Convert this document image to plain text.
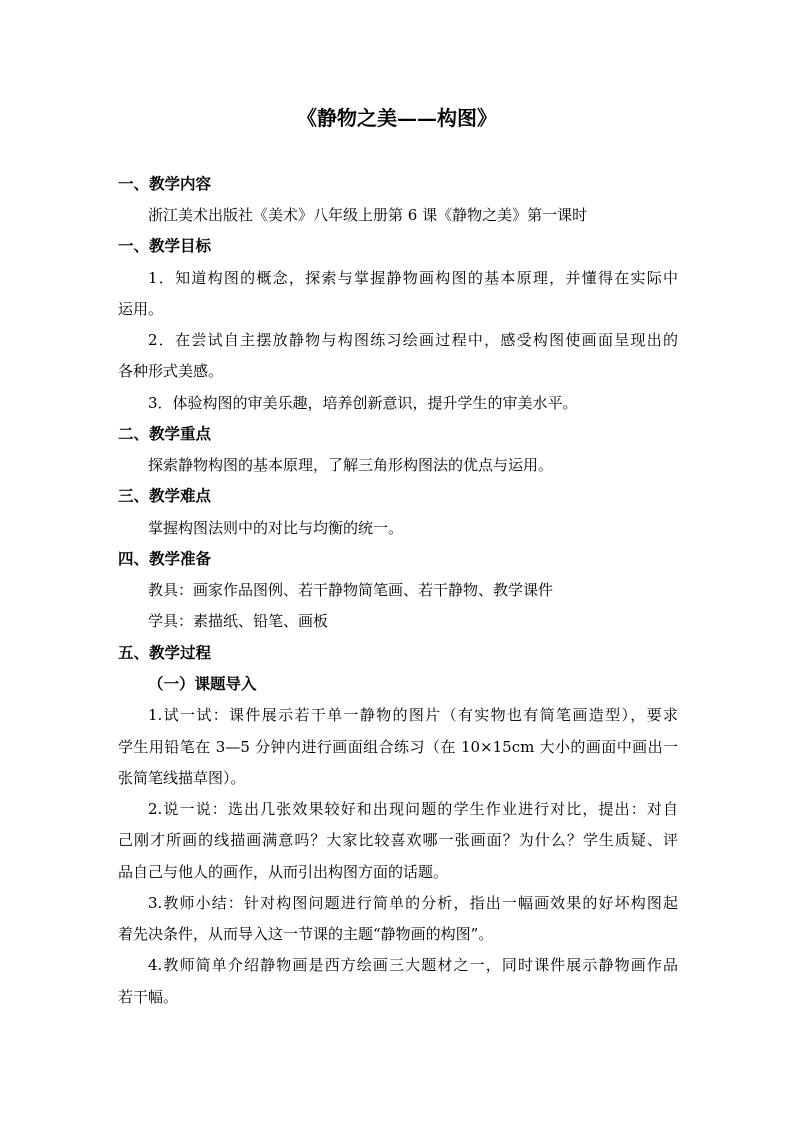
《静物之美——构图》
一、教学内容
浙江美术出版社《美术》八年级上册第 6 课《静物之美》第一课时
一、教学目标
1．知道构图的概念，探索与掌握静物画构图的基本原理，并懂得在实际中
运用。
2．在尝试自主摆放静物与构图练习绘画过程中，感受构图使画面呈现出的
各种形式美感。
3．体验构图的审美乐趣，培养创新意识，提升学生的审美水平。
二、教学重点
探索静物构图的基本原理，了解三角形构图法的优点与运用。
三、教学难点
掌握构图法则中的对比与均衡的统一。
四、教学准备
教具：画家作品图例、若干静物简笔画、若干静物、教学课件
学具：素描纸、铅笔、画板
五、教学过程
（一）课题导入
1.试一试：课件展示若干单一静物的图片（有实物也有简笔画造型），要求
学生用铅笔在 3—5 分钟内进行画面组合练习（在 10×15cm 大小的画面中画出一
张简笔线描草图）。
2.说一说：选出几张效果较好和出现问题的学生作业进行对比，提出：对自
己刚才所画的线描画满意吗？大家比较喜欢哪一张画面？为什么？学生质疑、评
品自己与他人的画作，从而引出构图方面的话题。
3.教师小结：针对构图问题进行简单的分析，指出一幅画效果的好坏构图起
着先决条件，从而导入这一节课的主题“静物画的构图”。
4.教师简单介绍静物画是西方绘画三大题材之一，同时课件展示静物画作品
若干幅。
